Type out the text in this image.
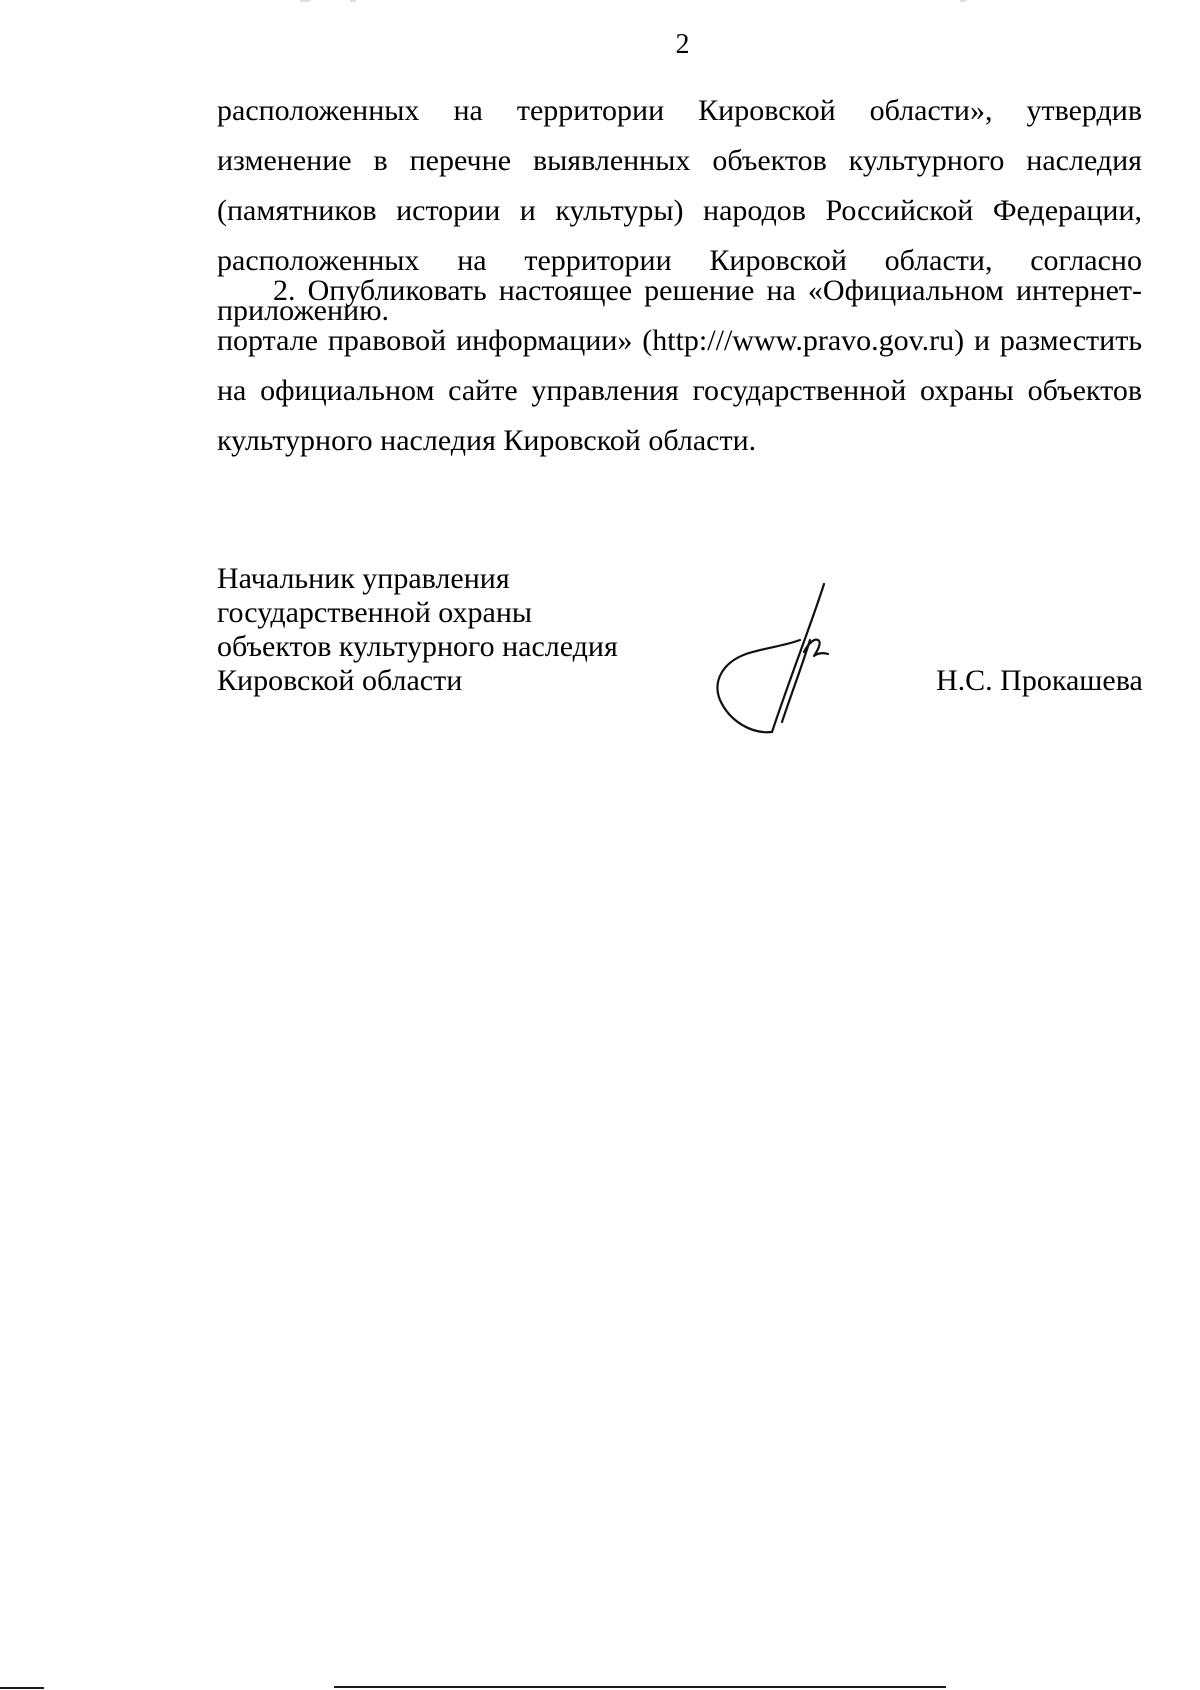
2
расположенных на территории Кировской области», утвердив изменение в перечне выявленных объектов культурного наследия (памятников истории и культуры) народов Российской Федерации, расположенных на территории Кировской области, согласно приложению.
2. Опубликовать настоящее решение на «Официальном интернет-портале правовой информации» (http:///www.pravo.gov.ru) и разместить на официальном сайте управления государственной охраны объектов культурного наследия Кировской области.
Начальник управления
государственной охраны
объектов культурного наследия
Кировской области	Н.С. Прокашева
